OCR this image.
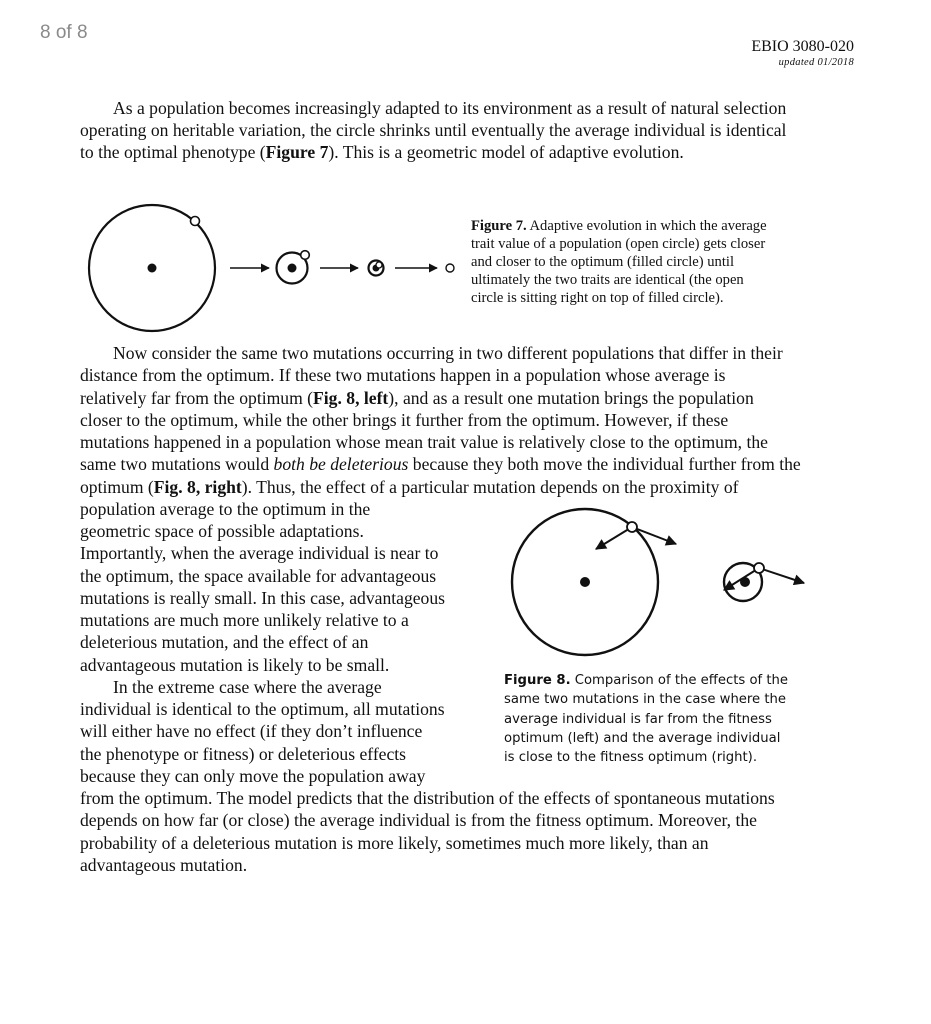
8 of 8
EBIO 3080-020
updated 01/2018
As a population becomes increasingly adapted to its environment as a result of natural selection
operating on heritable variation, the circle shrinks until eventually the average individual is identical
to the optimal phenotype (Figure 7). This is a geometric model of adaptive evolution.
Now consider the same two mutations occurring in two different populations that differ in their
distance from the optimum. If these two mutations happen in a population whose average is
relatively far from the optimum (Fig. 8, left), and as a result one mutation brings the population
closer to the optimum, while the other brings it further from the optimum. However, if these
mutations happened in a population whose mean trait value is relatively close to the optimum, the
same two mutations would both be deleterious because they both move the individual further from the
optimum (Fig. 8, right). Thus, the effect of a particular mutation depends on the proximity of
population average to the optimum in the
geometric space of possible adaptations.
Importantly, when the average individual is near to
the optimum, the space available for advantageous
mutations is really small. In this case, advantageous
mutations are much more unlikely relative to a
deleterious mutation, and the effect of an
advantageous mutation is likely to be small.
In the extreme case where the average
individual is identical to the optimum, all mutations
will either have no effect (if they don’t influence
the phenotype or fitness) or deleterious effects
because they can only move the population away
from the optimum. The model predicts that the distribution of the effects of spontaneous mutations
depends on how far (or close) the average individual is from the fitness optimum. Moreover, the
probability of a deleterious mutation is more likely, sometimes much more likely, than an
advantageous mutation.
Figure 7. Adaptive evolution in which the average
trait value of a population (open circle) gets closer
and closer to the optimum (filled circle) until
ultimately the two traits are identical (the open
circle is sitting right on top of filled circle).
Figure 8. Comparison of the effects of the
same two mutations in the case where the
average individual is far from the fitness
optimum (left) and the average individual
is close to the fitness optimum (right).
